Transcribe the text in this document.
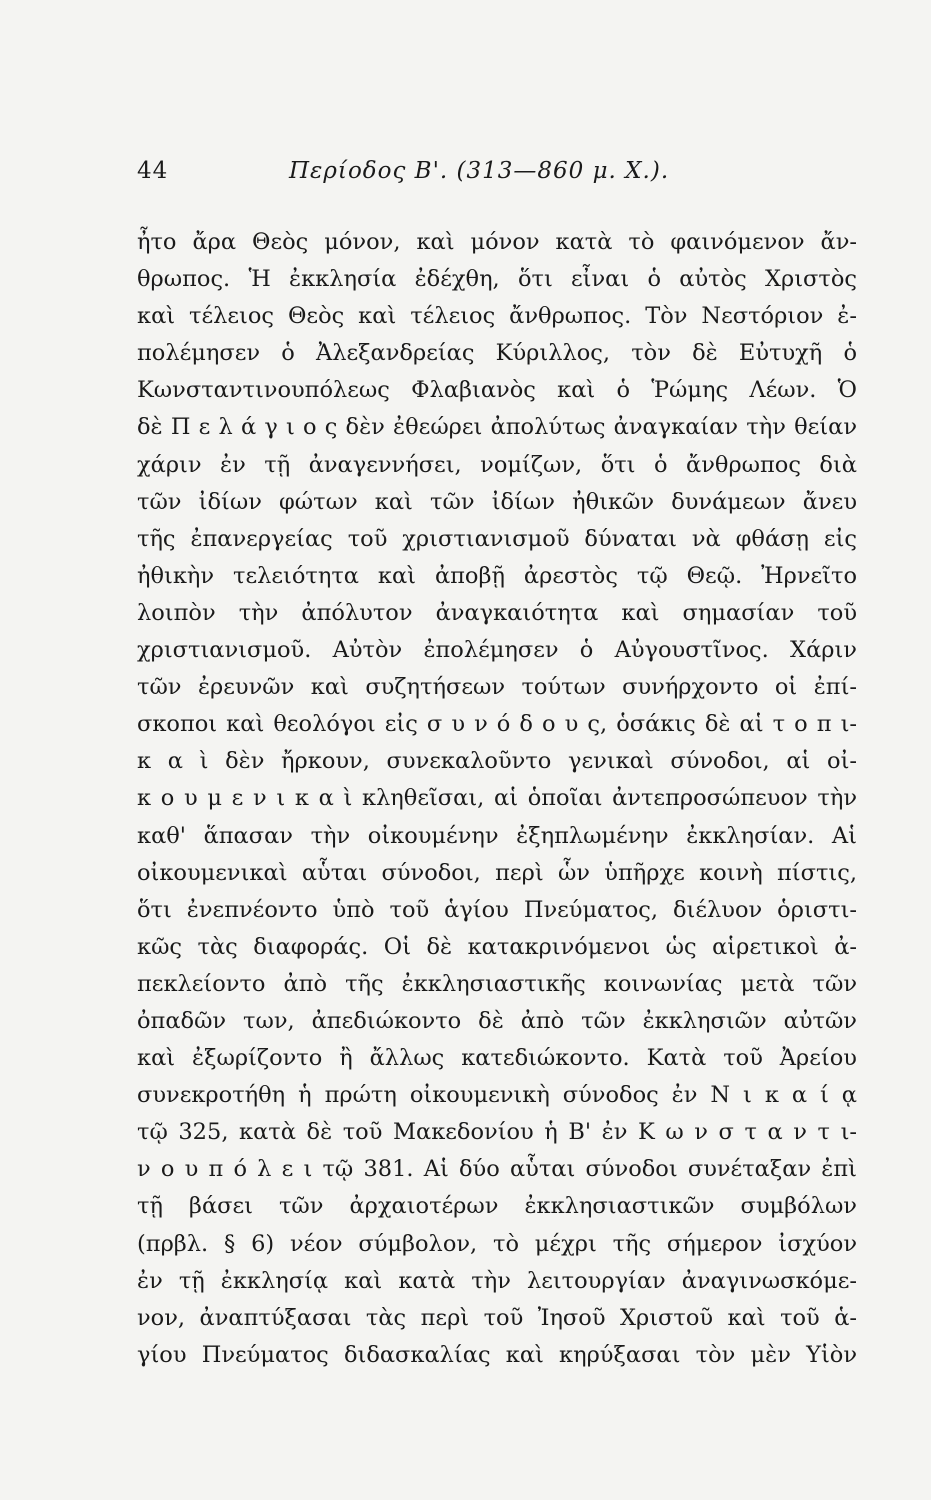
44	Περίοδος Β'. (313—860 μ. Χ.).
ἦτο ἄρα Θεὸς μόνον, καὶ μόνον κατὰ τὸ φαινόμενον ἄν-
θρωπος. Ἡ ἐκκλησία ἐδέχθη, ὅτι εἶναι ὁ αὐτὸς Χριστὸς
καὶ τέλειος Θεὸς καὶ τέλειος ἄνθρωπος. Τὸν Νεστόριον ἐ-
πολέμησεν ὁ Ἀλεξανδρείας Κύριλλος, τὸν δὲ Εὐτυχῆ ὁ
Κωνσταντινουπόλεως Φλαβιανὸς καὶ ὁ Ῥώμης Λέων. Ὁ
δὲ Π ε λ ά γ ι ο ς δὲν ἐθεώρει ἀπολύτως ἀναγκαίαν τὴν θείαν
χάριν ἐν τῇ ἀναγεννήσει, νομίζων, ὅτι ὁ ἄνθρωπος διὰ
τῶν ἰδίων φώτων καὶ τῶν ἰδίων ἠθικῶν δυνάμεων ἄνευ
τῆς ἐπανεργείας τοῦ χριστιανισμοῦ δύναται νὰ φθάσῃ εἰς
ἠθικὴν τελειότητα καὶ ἀποβῇ ἀρεστὸς τῷ Θεῷ. Ἠρνεῖτο
λοιπὸν τὴν ἀπόλυτον ἀναγκαιότητα καὶ σημασίαν τοῦ
χριστιανισμοῦ. Αὐτὸν ἐπολέμησεν ὁ Αὐγουστῖνος. Χάριν
τῶν ἐρευνῶν καὶ συζητήσεων τούτων συνήρχοντο οἱ ἐπί-
σκοποι καὶ θεολόγοι εἰς σ υ ν ό δ ο υ ς, ὁσάκις δὲ αἱ τ ο π ι-
κ α ὶ δὲν ἤρκουν, συνεκαλοῦντο γενικαὶ σύνοδοι, αἱ οἰ-
κ ο υ μ ε ν ι κ α ὶ κληθεῖσαι, αἱ ὁποῖαι ἀντεπροσώπευον τὴν
καθ' ἅπασαν τὴν οἰκουμένην ἐξηπλωμένην ἐκκλησίαν. Αἱ
οἰκουμενικαὶ αὗται σύνοδοι, περὶ ὧν ὑπῆρχε κοινὴ πίστις,
ὅτι ἐνεπνέοντο ὑπὸ τοῦ ἁγίου Πνεύματος, διέλυον ὁριστι-
κῶς τὰς διαφοράς. Οἱ δὲ κατακρινόμενοι ὡς αἱρετικοὶ ἀ-
πεκλείοντο ἀπὸ τῆς ἐκκλησιαστικῆς κοινωνίας μετὰ τῶν
ὀπαδῶν των, ἀπεδιώκοντο δὲ ἀπὸ τῶν ἐκκλησιῶν αὐτῶν
καὶ ἐξωρίζοντο ἢ ἄλλως κατεδιώκοντο. Κατὰ τοῦ Ἀρείου
συνεκροτήθη ἡ πρώτη οἰκουμενικὴ σύνοδος ἐν Ν ι κ α ί ᾳ
τῷ 325, κατὰ δὲ τοῦ Μακεδονίου ἡ Β' ἐν Κ ω ν σ τ α ν τ ι-
ν ο υ π ό λ ε ι τῷ 381. Αἱ δύο αὗται σύνοδοι συνέταξαν ἐπὶ
τῇ βάσει τῶν ἀρχαιοτέρων ἐκκλησιαστικῶν συμβόλων
(πρβλ. § 6) νέον σύμβολον, τὸ μέχρι τῆς σήμερον ἰσχύον
ἐν τῇ ἐκκλησίᾳ καὶ κατὰ τὴν λειτουργίαν ἀναγινωσκόμε-
νον, ἀναπτύξασαι τὰς περὶ τοῦ Ἰησοῦ Χριστοῦ καὶ τοῦ ἁ-
γίου Πνεύματος διδασκαλίας καὶ κηρύξασαι τὸν μὲν Υἱὸν
